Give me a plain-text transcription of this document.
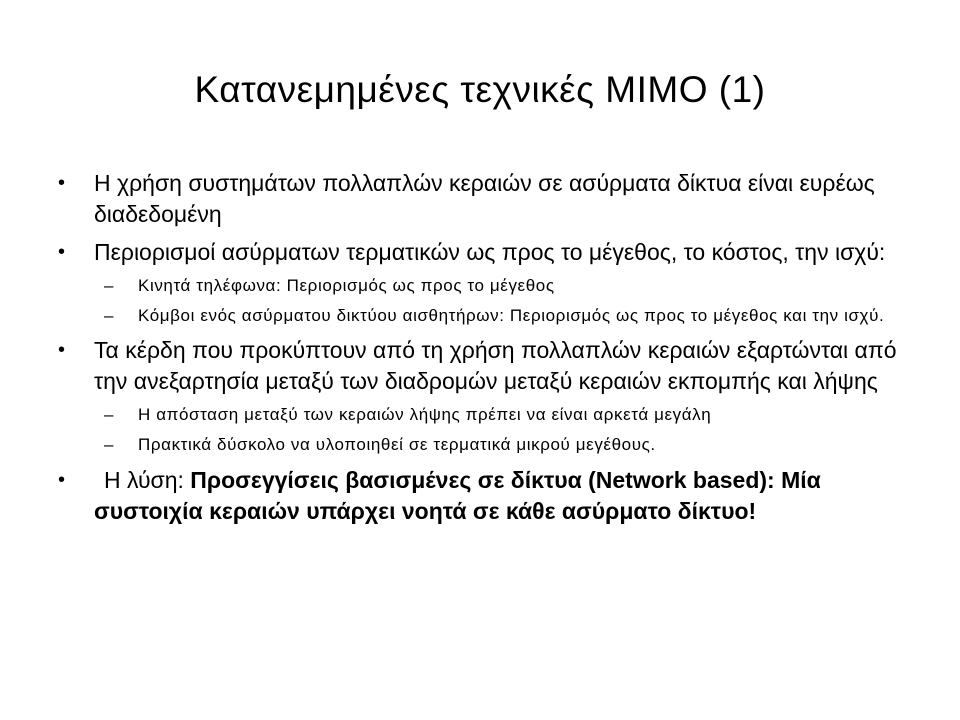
Κατανεμημένες τεχνικές ΜΙΜΟ (1)
• Η χρήση συστημάτων πολλαπλών κεραιών σε ασύρματα δίκτυα είναι ευρέως διαδεδομένη
• Περιορισμοί ασύρματων τερματικών ως προς το μέγεθος, το κόστος, την ισχύ:
– Κινητά τηλέφωνα: Περιορισμός ως προς το μέγεθος
– Κόμβοι ενός ασύρματου δικτύου αισθητήρων: Περιορισμός ως προς το μέγεθος και την ισχύ.
• Τα κέρδη που προκύπτουν από τη χρήση πολλαπλών κεραιών εξαρτώνται από την ανεξαρτησία μεταξύ των διαδρομών μεταξύ κεραιών εκπομπής και λήψης
– Η απόσταση μεταξύ των κεραιών λήψης πρέπει να είναι αρκετά μεγάλη
– Πρακτικά δύσκολο να υλοποιηθεί σε τερματικά μικρού μεγέθους.
• Η λύση: Προσεγγίσεις βασισμένες σε δίκτυα (Network based): Μία συστοιχία κεραιών υπάρχει νοητά σε κάθε ασύρματο δίκτυο!
